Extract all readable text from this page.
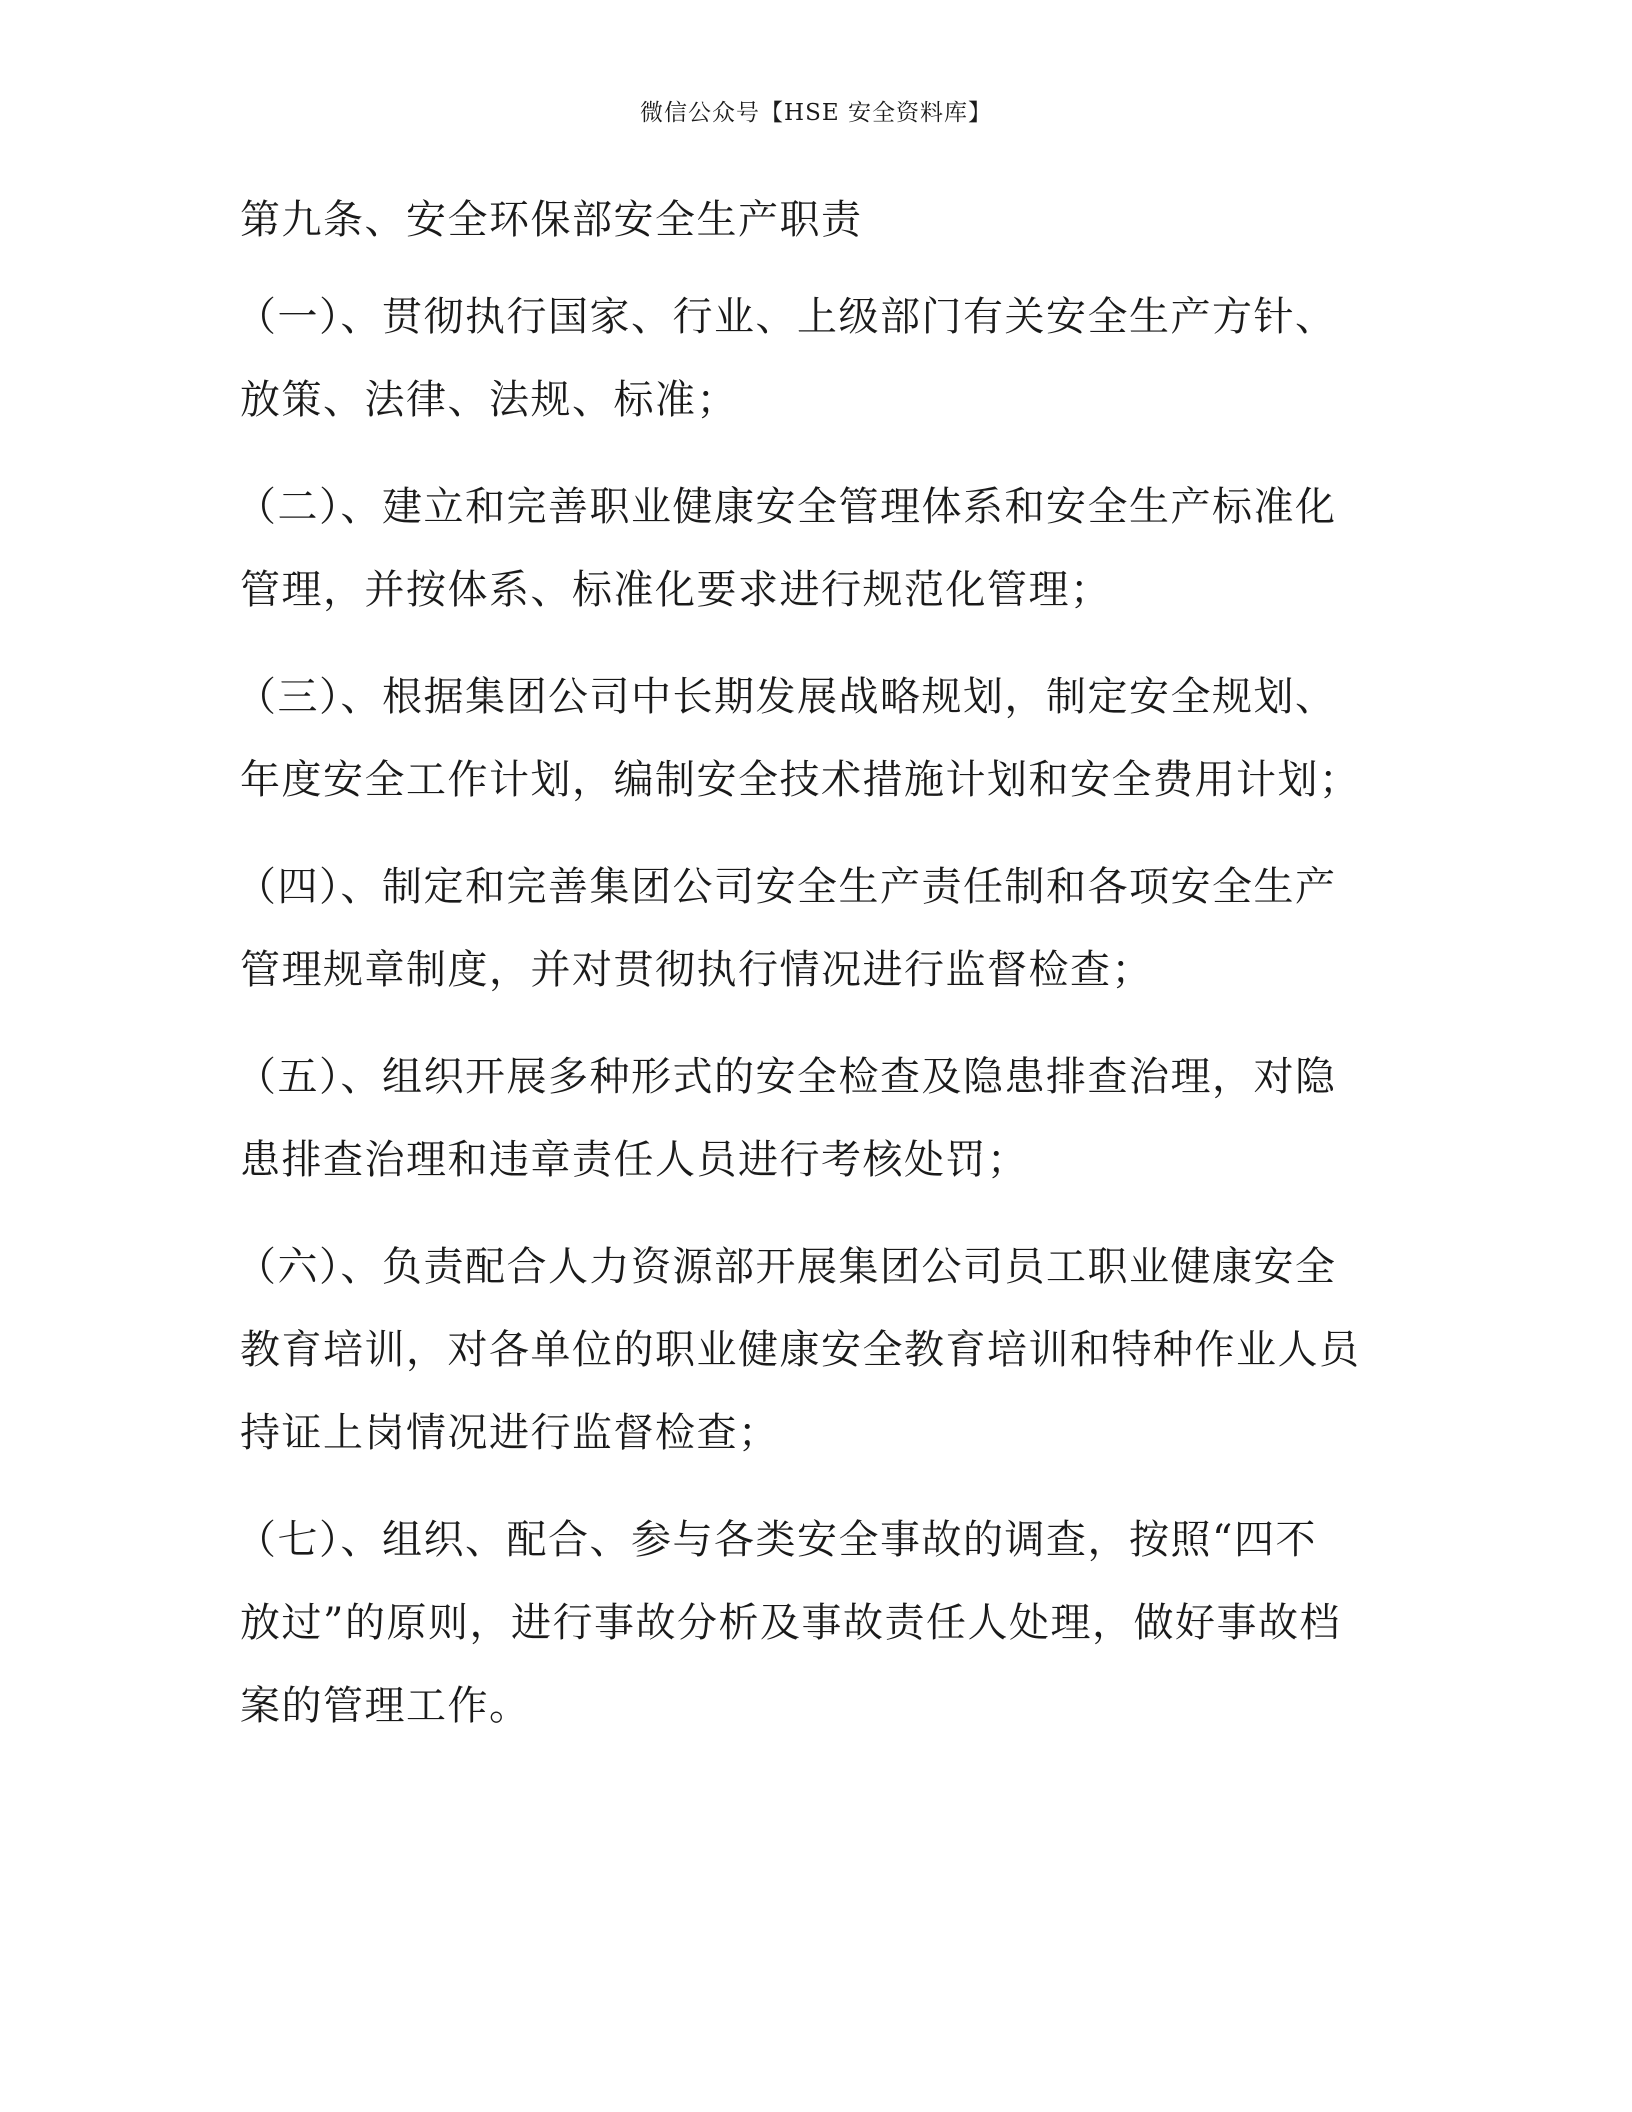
微信公众号【HSE 安全资料库】
第九条、安全环保部安全生产职责

（一）、贯彻执行国家、行业、上级部门有关安全生产方针、
放策、法律、法规、标准；

（二）、建立和完善职业健康安全管理体系和安全生产标准化
管理，并按体系、标准化要求进行规范化管理；

（三）、根据集团公司中长期发展战略规划，制定安全规划、
年度安全工作计划，编制安全技术措施计划和安全费用计划；

（四）、制定和完善集团公司安全生产责任制和各项安全生产
管理规章制度，并对贯彻执行情况进行监督检查；

（五）、组织开展多种形式的安全检查及隐患排查治理，对隐
患排查治理和违章责任人员进行考核处罚；

（六）、负责配合人力资源部开展集团公司员工职业健康安全
教育培训，对各单位的职业健康安全教育培训和特种作业人员
持证上岗情况进行监督检查；

（七）、组织、配合、参与各类安全事故的调查，按照“四不
放过”的原则，进行事故分析及事故责任人处理，做好事故档
案的管理工作。
